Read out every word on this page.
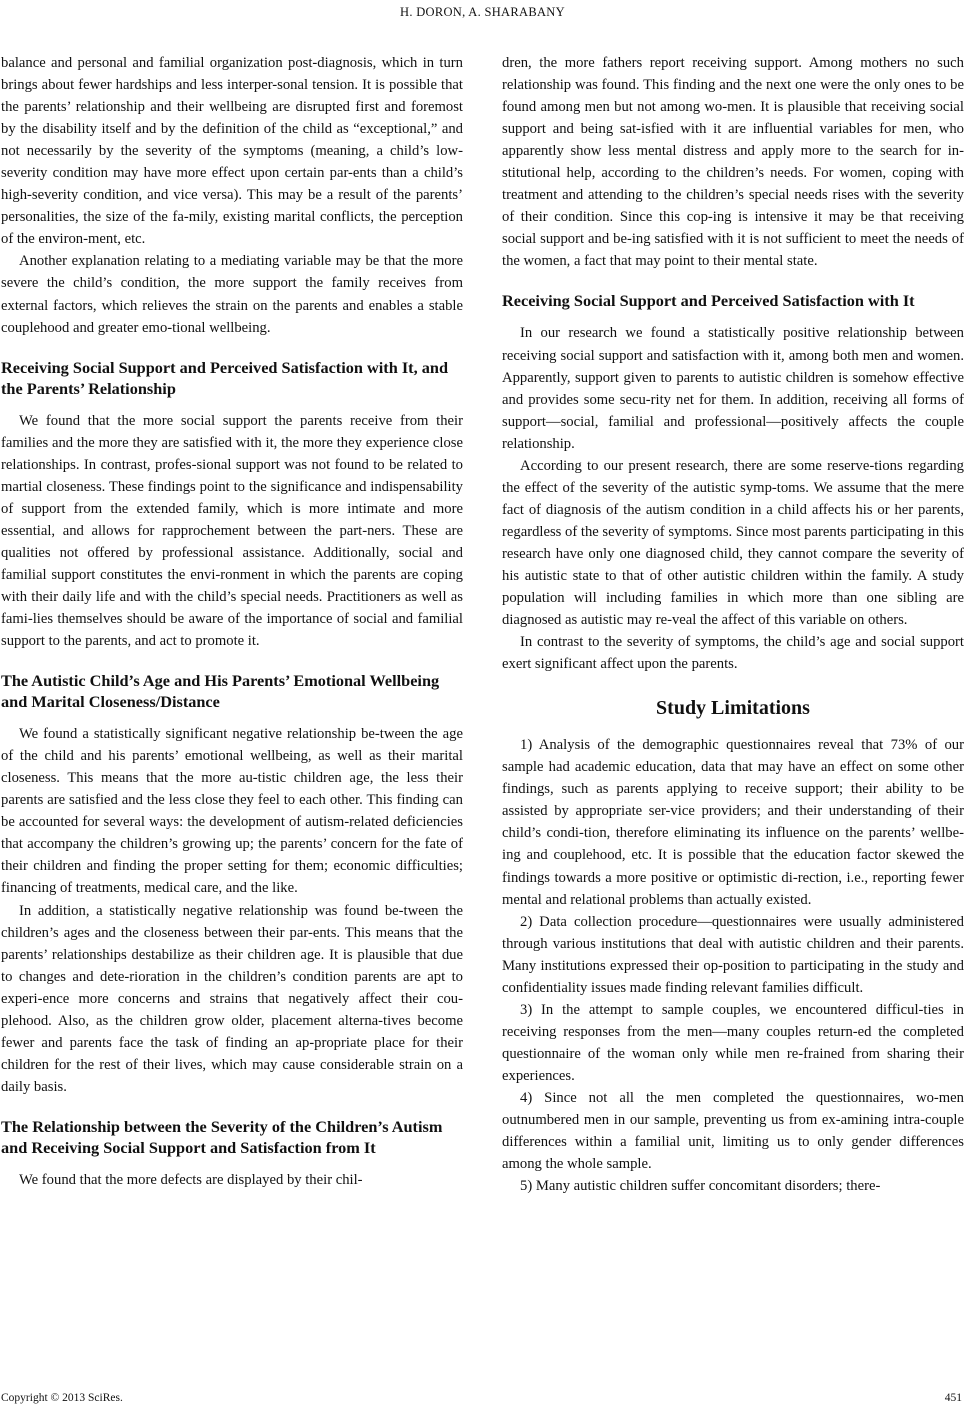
H. DORON, A. SHARABANY

balance and personal and familial organization post-diagnosis, which in turn brings about fewer hardships and less interper-sonal tension. It is possible that the parents’ relationship and their wellbeing are disrupted first and foremost by the disability itself and by the definition of the child as “exceptional,” and not necessarily by the severity of the symptoms (meaning, a child’s low-severity condition may have more effect upon certain par-ents than a child’s high-severity condition, and vice versa). This may be a result of the parents’ personalities, the size of the fa-mily, existing marital conflicts, the perception of the environ-ment, etc.

Another explanation relating to a mediating variable may be that the more severe the child’s condition, the more support the family receives from external factors, which relieves the strain on the parents and enables a stable couplehood and greater emo-tional wellbeing.

Receiving Social Support and Perceived Satisfaction with It, and the Parents’ Relationship

We found that the more social support the parents receive from their families and the more they are satisfied with it, the more they experience close relationships. In contrast, profes-sional support was not found to be related to martial closeness. These findings point to the significance and indispensability of support from the extended family, which is more intimate and more essential, and allows for rapprochement between the part-ners. These are qualities not offered by professional assistance. Additionally, social and familial support constitutes the envi-ronment in which the parents are coping with their daily life and with the child’s special needs. Practitioners as well as fami-lies themselves should be aware of the importance of social and familial support to the parents, and act to promote it.

The Autistic Child’s Age and His Parents’ Emotional Wellbeing and Marital Closeness/Distance

We found a statistically significant negative relationship be-tween the age of the child and his parents’ emotional wellbeing, as well as their marital closeness. This means that the more au-tistic children age, the less their parents are satisfied and the less close they feel to each other. This finding can be accounted for several ways: the development of autism-related deficiencies that accompany the children’s growing up; the parents’ concern for the fate of their children and finding the proper setting for them; economic difficulties; financing of treatments, medical care, and the like.

In addition, a statistically negative relationship was found be-tween the children’s ages and the closeness between their par-ents. This means that the parents’ relationships destabilize as their children age. It is plausible that due to changes and dete-rioration in the children’s condition parents are apt to experi-ence more concerns and strains that negatively affect their cou-plehood. Also, as the children grow older, placement alterna-tives become fewer and parents face the task of finding an ap-propriate place for their children for the rest of their lives, which may cause considerable strain on a daily basis.

The Relationship between the Severity of the Children’s Autism and Receiving Social Support and Satisfaction from It

We found that the more defects are displayed by their chil-

dren, the more fathers report receiving support. Among mothers no such relationship was found. This finding and the next one were the only ones to be found among men but not among wo-men. It is plausible that receiving social support and being sat-isfied with it are influential variables for men, who apparently show less mental distress and apply more to the search for in-stitutional help, according to the children’s needs. For women, coping with treatment and attending to the children’s special needs rises with the severity of their condition. Since this cop-ing is intensive it may be that receiving social support and be-ing satisfied with it is not sufficient to meet the needs of the women, a fact that may point to their mental state.

Receiving Social Support and Perceived Satisfaction with It

In our research we found a statistically positive relationship between receiving social support and satisfaction with it, among both men and women. Apparently, support given to parents to autistic children is somehow effective and provides some secu-rity net for them. In addition, receiving all forms of support—social, familial and professional—positively affects the couple relationship.

According to our present research, there are some reserve-tions regarding the effect of the severity of the autistic symp-toms. We assume that the mere fact of diagnosis of the autism condition in a child affects his or her parents, regardless of the severity of symptoms. Since most parents participating in this research have only one diagnosed child, they cannot compare the severity of his autistic state to that of other autistic children within the family. A study population will including families in which more than one sibling are diagnosed as autistic may re-veal the affect of this variable on others.

In contrast to the severity of symptoms, the child’s age and social support exert significant affect upon the parents.

Study Limitations

1) Analysis of the demographic questionnaires reveal that 73% of our sample had academic education, data that may have an effect on some other findings, such as parents applying to receive support; their ability to be assisted by appropriate ser-vice providers; and their understanding of their child’s condi-tion, therefore eliminating its influence on the parents’ wellbe-ing and couplehood, etc. It is possible that the education factor skewed the findings towards a more positive or optimistic di-rection, i.e., reporting fewer mental and relational problems than actually existed.

2) Data collection procedure—questionnaires were usually administered through various institutions that deal with autistic children and their parents. Many institutions expressed their op-position to participating in the study and confidentiality issues made finding relevant families difficult.

3) In the attempt to sample couples, we encountered difficul-ties in receiving responses from the men—many couples return-ed the completed questionnaire of the woman only while men re-frained from sharing their experiences.

4) Since not all the men completed the questionnaires, wo-men outnumbered men in our sample, preventing us from ex-amining intra-couple differences within a familial unit, limiting us to only gender differences among the whole sample.

5) Many autistic children suffer concomitant disorders; there-

Copyright © 2013 SciRes.	451
